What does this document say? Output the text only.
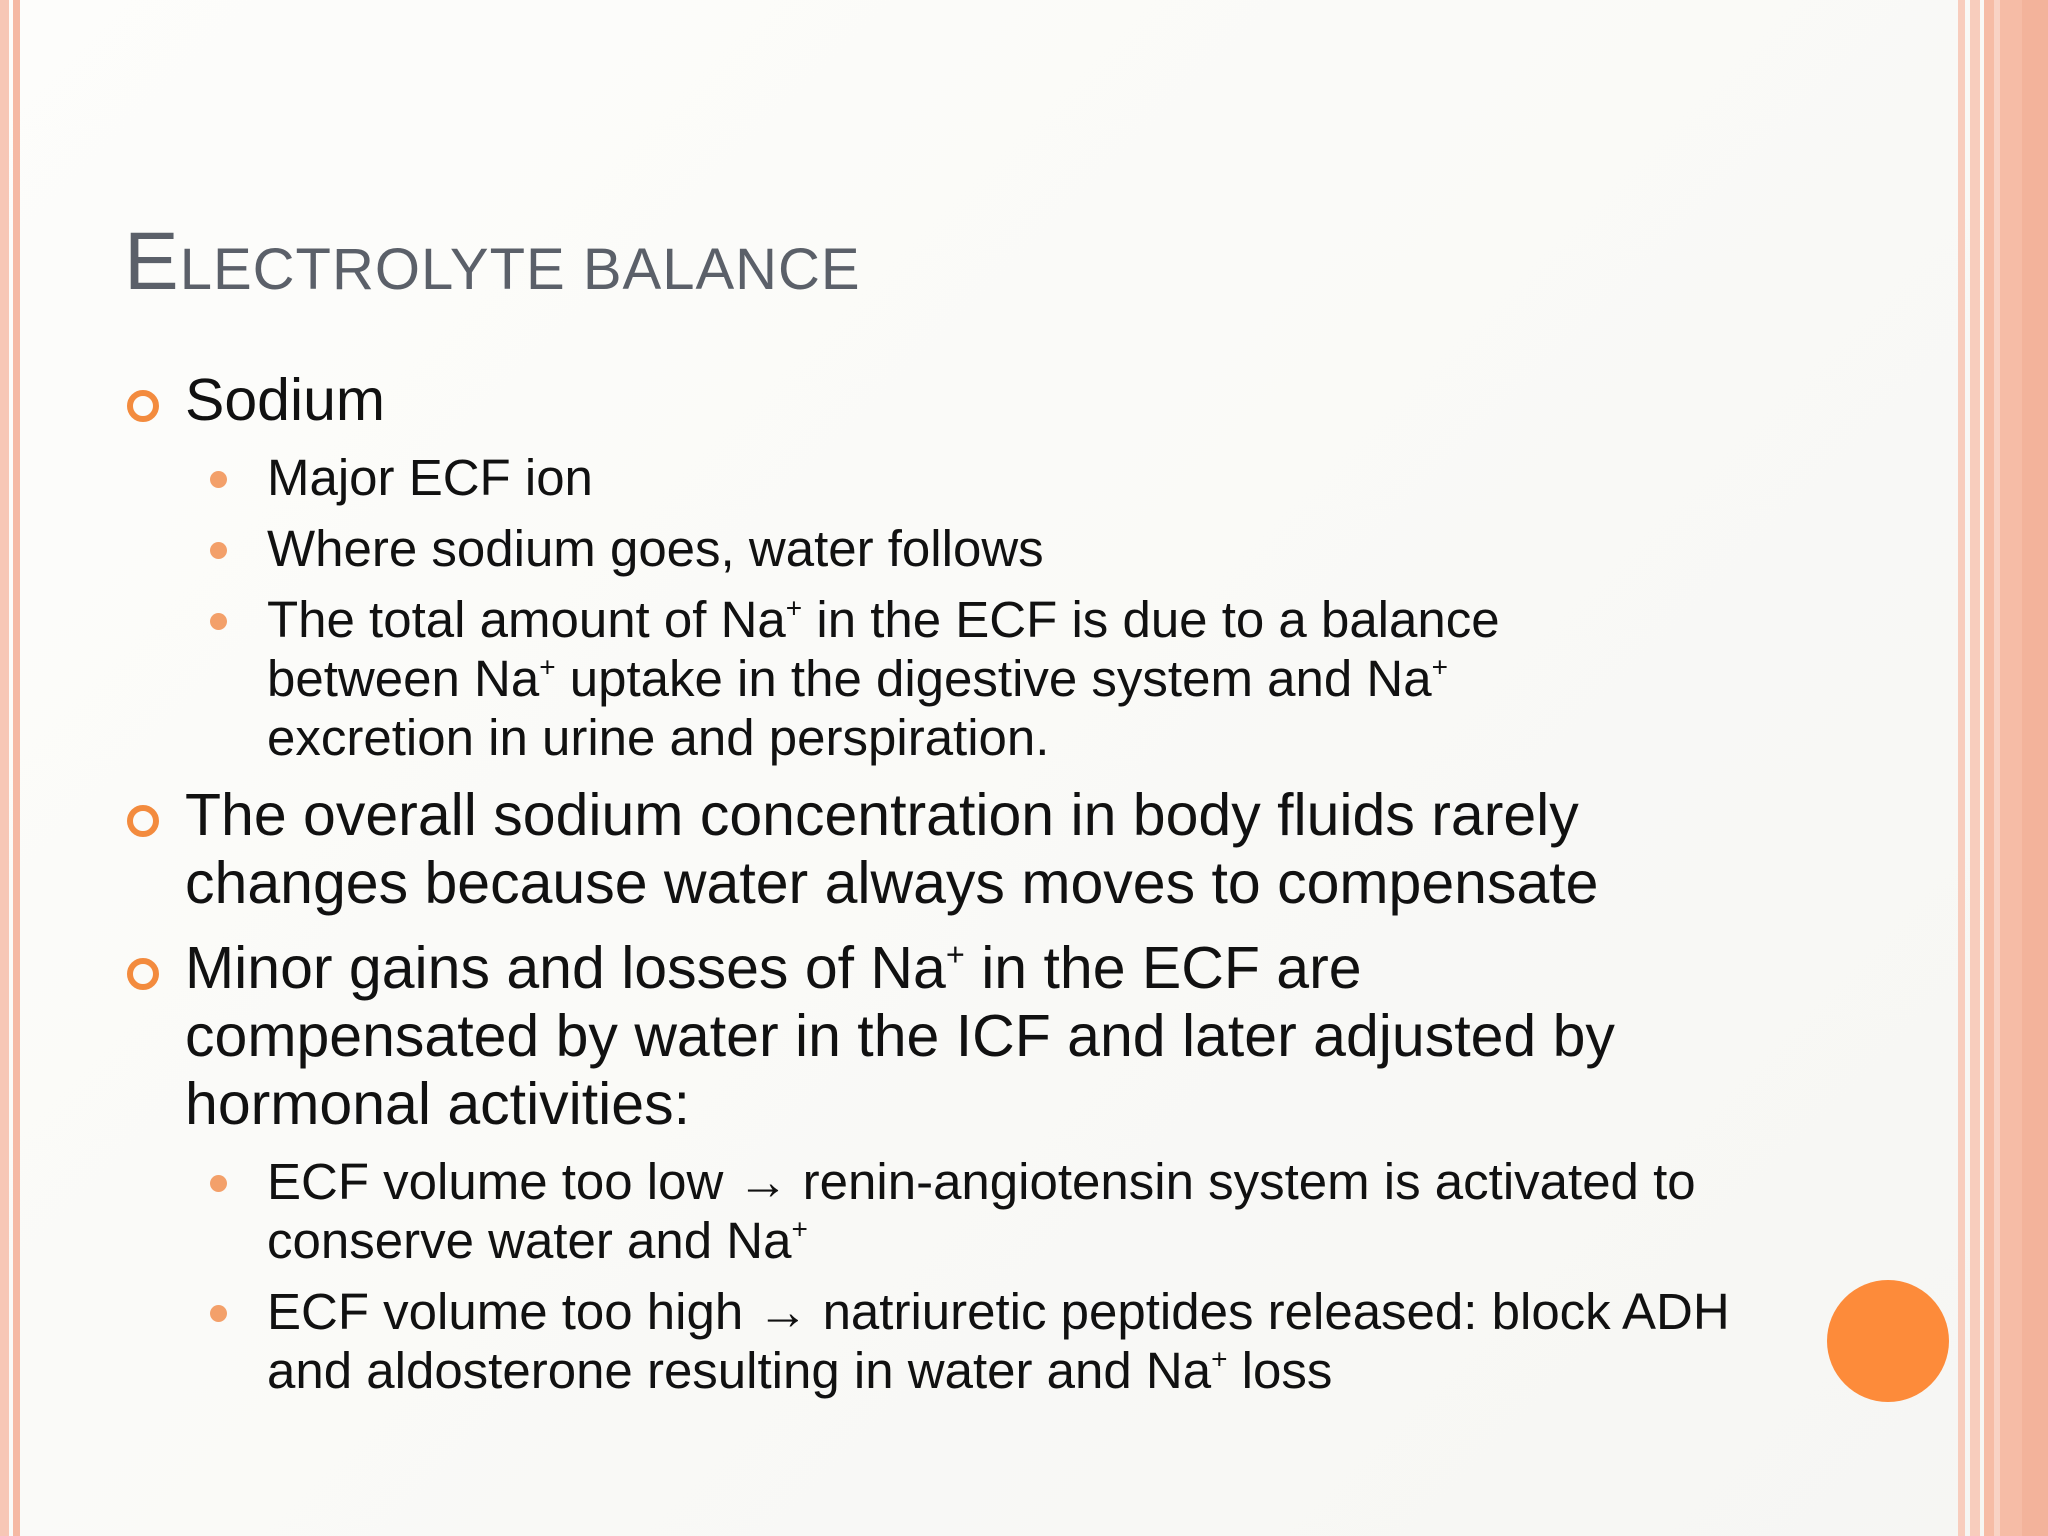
ELECTROLYTE BALANCE
Sodium
Major ECF ion
Where sodium goes, water follows
The total amount of Na+ in the ECF is due to a balance between Na+ uptake in the digestive system and Na+ excretion in urine and perspiration.
The overall sodium concentration in body fluids rarely changes because water always moves to compensate
Minor gains and losses of Na+ in the ECF are compensated by water in the ICF and later adjusted by hormonal activities:
ECF volume too low → renin-angiotensin system is activated to conserve water and Na+
ECF volume too high → natriuretic peptides released: block ADH and aldosterone resulting in water and Na+ loss
